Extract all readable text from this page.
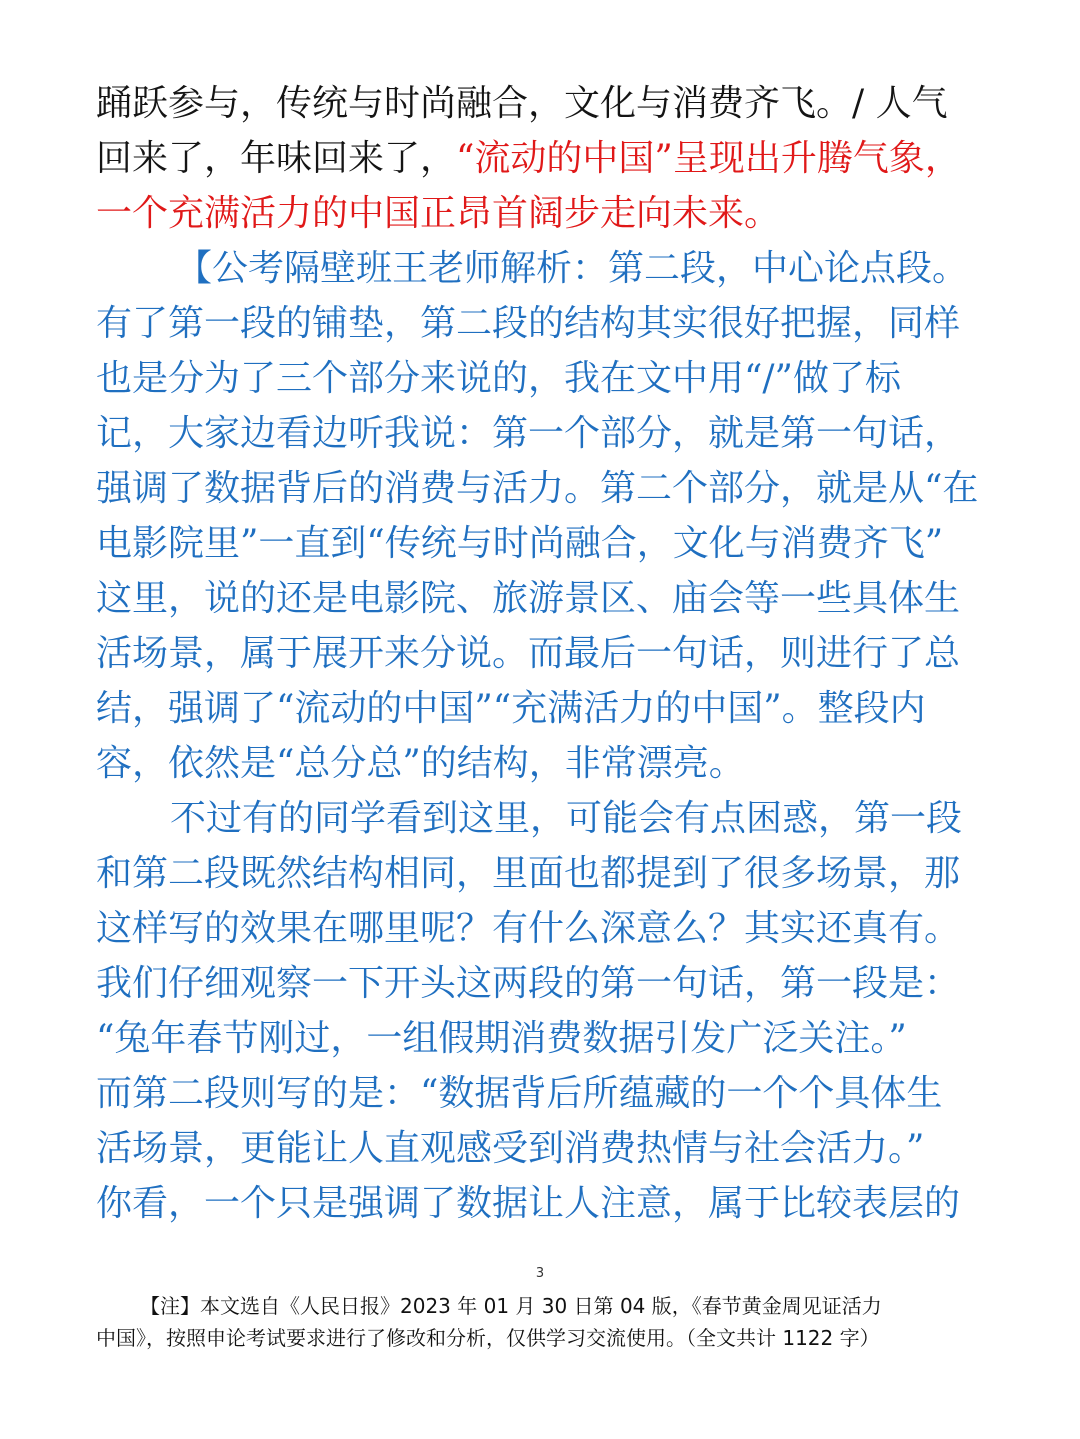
踊跃参与，传统与时尚融合，文化与消费齐飞。/ 人气
回来了，年味回来了，“流动的中国”呈现出升腾气象，
一个充满活力的中国正昂首阔步走向未来。
【公考隔壁班王老师解析：第二段，中心论点段。
有了第一段的铺垫，第二段的结构其实很好把握，同样
也是分为了三个部分来说的，我在文中用“/”做了标
记，大家边看边听我说：第一个部分，就是第一句话，
强调了数据背后的消费与活力。第二个部分，就是从“在
电影院里”一直到“传统与时尚融合，文化与消费齐飞”
这里，说的还是电影院、旅游景区、庙会等一些具体生
活场景，属于展开来分说。而最后一句话，则进行了总
结，强调了“流动的中国”“充满活力的中国”。整段内
容，依然是“总分总”的结构，非常漂亮。
不过有的同学看到这里，可能会有点困惑，第一段
和第二段既然结构相同，里面也都提到了很多场景，那
这样写的效果在哪里呢？有什么深意么？其实还真有。
我们仔细观察一下开头这两段的第一句话，第一段是：
“兔年春节刚过，一组假期消费数据引发广泛关注。”
而第二段则写的是：“数据背后所蕴藏的一个个具体生
活场景，更能让人直观感受到消费热情与社会活力。”
你看，一个只是强调了数据让人注意，属于比较表层的
3
【注】本文选自《人民日报》2023 年 01 月 30 日第 04 版，《春节黄金周见证活力
中国》，按照申论考试要求进行了修改和分析，仅供学习交流使用。（全文共计 1122 字）
